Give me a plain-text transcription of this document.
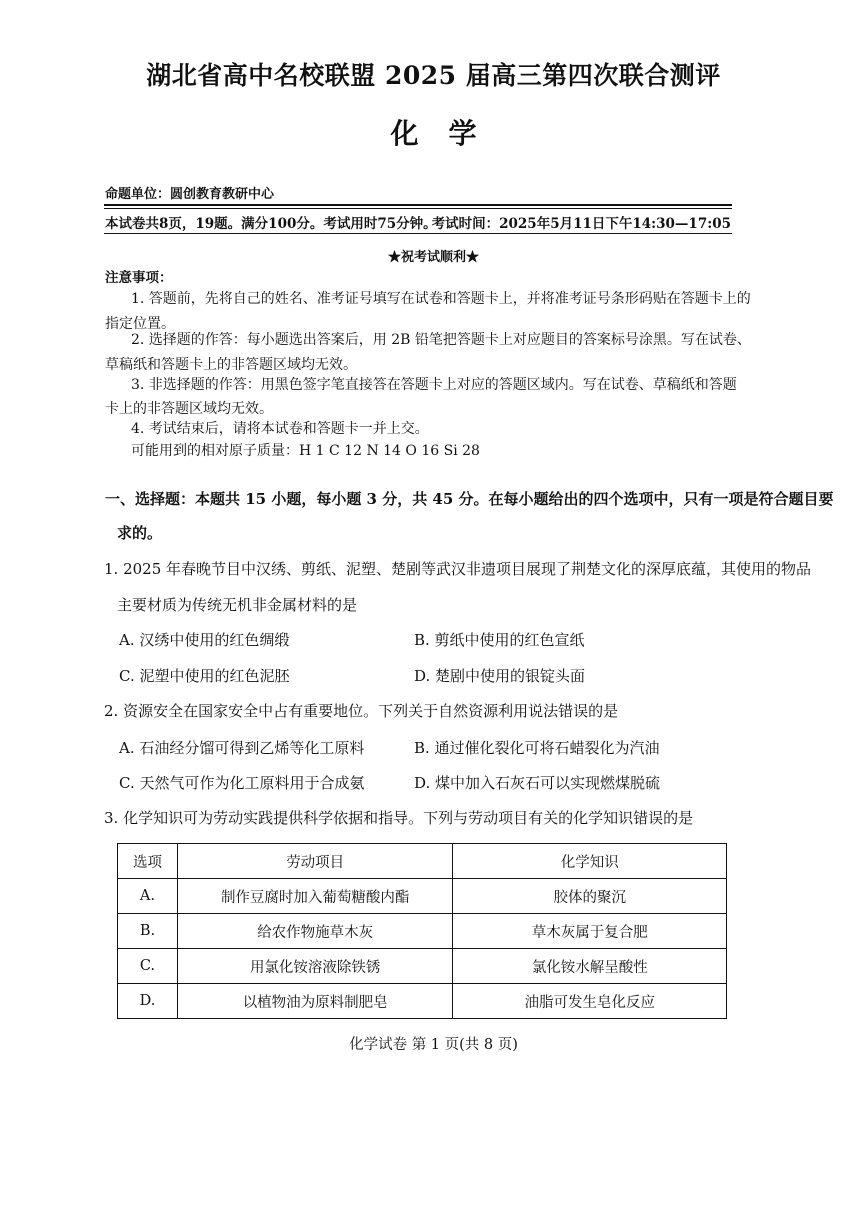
湖北省高中名校联盟 2025 届高三第四次联合测评
化学
命题单位：圆创教育教研中心
本试卷共8页，19题。满分100分。考试用时75分钟。
考试时间：2025年5月11日下午14:30—17:05
★祝考试顺利★
注意事项：
1. 答题前，先将自己的姓名、准考证号填写在试卷和答题卡上，并将准考证号条形码贴在答题卡上的
指定位置。
2. 选择题的作答：每小题选出答案后，用 2B 铅笔把答题卡上对应题目的答案标号涂黑。写在试卷、
草稿纸和答题卡上的非答题区域均无效。
3. 非选择题的作答：用黑色签字笔直接答在答题卡上对应的答题区域内。写在试卷、草稿纸和答题
卡上的非答题区域均无效。
4. 考试结束后，请将本试卷和答题卡一并上交。
可能用到的相对原子质量：H 1 C 12 N 14 O 16 Si 28
一、选择题：本题共 15 小题，每小题 3 分，共 45 分。在每小题给出的四个选项中，只有一项是符合题目要
求的。
1. 2025 年春晚节目中汉绣、剪纸、泥塑、楚剧等武汉非遗项目展现了荆楚文化的深厚底蕴，其使用的物品
主要材质为传统无机非金属材料的是
A. 汉绣中使用的红色绸缎	B. 剪纸中使用的红色宣纸
C. 泥塑中使用的红色泥胚	D. 楚剧中使用的银锭头面
2. 资源安全在国家安全中占有重要地位。下列关于自然资源利用说法错误的是
A. 石油经分馏可得到乙烯等化工原料	B. 通过催化裂化可将石蜡裂化为汽油
C. 天然气可作为化工原料用于合成氨	D. 煤中加入石灰石可以实现燃煤脱硫
3. 化学知识可为劳动实践提供科学依据和指导。下列与劳动项目有关的化学知识错误的是
选项	劳动项目	化学知识
A.	制作豆腐时加入葡萄糖酸内酯	胶体的聚沉
B.	给农作物施草木灰	草木灰属于复合肥
C.	用氯化铵溶液除铁锈	氯化铵水解呈酸性
D.	以植物油为原料制肥皂	油脂可发生皂化反应
化学试卷 第 1 页(共 8 页)
